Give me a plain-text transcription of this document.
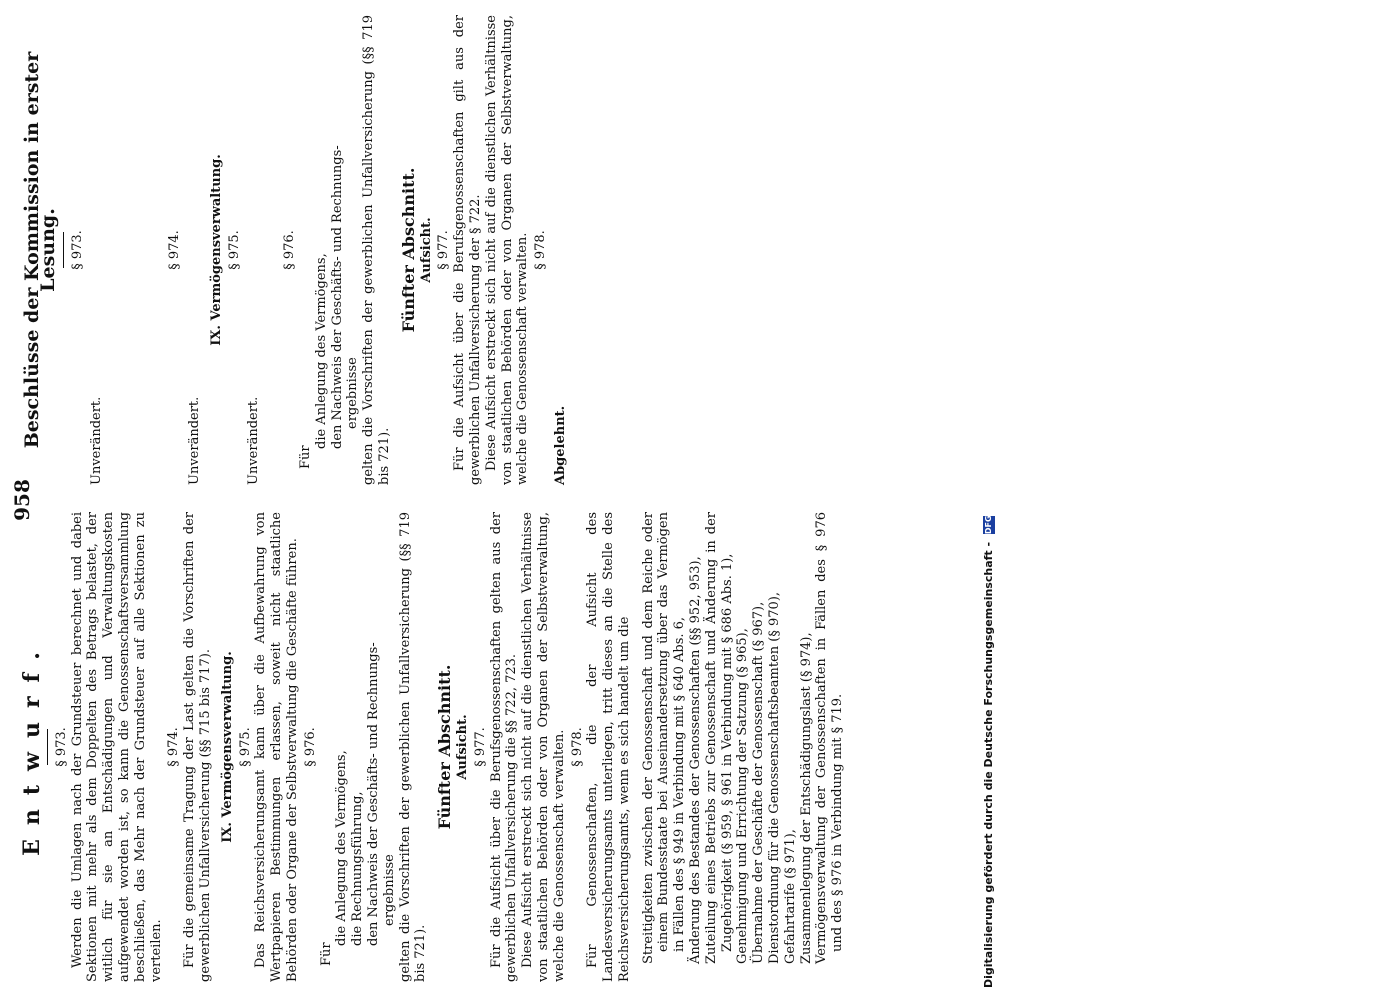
958
Entwurf. § 973. Werden die Umlagen nach der Grundsteuer berechnet und dabei Sektionen mit mehr als dem Doppelten des Betrags belastet, der witlich für sie an Entschädigungen und Verwaltungskosten aufgewendet worden ist, so kann die Genossenschaftsversammlung beschließen, das Mehr nach der Grundsteuer auf alle Sektionen zu verteilen.

§ 974. Für die gemeinsame Tragung der Last gelten die Vorschriften der gewerblichen Unfallversicherung (§§ 715 bis 717). IX. Vermögensverwaltung. § 975. Das Reichsversicherungsamt kann über die Aufbewahrung von Wertpapieren Bestimmungen erlassen, soweit nicht staatliche Behörden oder Organe der Selbstverwaltung die Geschäfte führen. § 976.
Für
die Anlegung des Vermögens, die Rechnungsführung, den Nachweis der Geschäfts- und Rechnungs- ergebnisse gelten die Vorschriften der gewerblichen Unfallversicherung (§§ 719 bis 721).

Fünfter Abschnitt. Aufsicht. § 977. Für die Aufsicht über die Berufsgenossenschaften gelten aus der gewerblichen Unfallversicherung die §§ 722, 723. Diese Aufsicht erstreckt sich nicht auf die dienstlichen Verhältnisse von staatlichen Behörden oder von Organen der Selbstverwaltung, welche die Genossenschaft verwalten. § 978. Für Genossenschaften, die der Aufsicht des Landesversicherungsamts unterliegen, tritt dieses an die Stelle des Reichsversicherungsamts, wenn es sich handelt um die Streitigkeiten zwischen der Genossenschaft und dem Reiche oder einem Bundesstaate bei Auseinandersetzung über das Vermögen in Fällen des § 949 in Verbindung mit § 640 Abs. 6, Änderung des Bestandes der Genossenschaften (§§ 952, 953), Zuteilung eines Betriebs zur Genossenschaft und Änderung in der Zugehörigkeit (§ 959, § 961 in Verbindung mit § 686 Abs. 1), Genehmigung und Errichtung der Satzung (§ 965), Übernahme der Geschäfte der Genossenschaft (§ 967), Dienstordnung für die Genossenschaftsbeamten (§ 970), Gefahrtarife (§ 971), Zusammenlegung der Entschädigungslast (§ 974), Vermögensverwaltung der Genossenschaften in Fällen des § 976 und des § 976 in Verbindung mit § 719.

Beschlüsse der Kommission in erster Lesung. § 973.

Unverändert.

§ 974.

Unverändert.

IX. Vermögensverwaltung. § 975.

Unverändert.

§ 976.
Für
die Anlegung des Vermögens, den Nachweis der Geschäfts- und Rechnungs- ergebnisse gelten die Vorschriften der gewerblichen Unfallversicherung (§§ 719 bis 721).

Fünfter Abschnitt. Aufsicht. § 977. Für die Aufsicht über die Berufsgenossenschaften gilt aus der gewerblichen Unfallversicherung der § 722. Diese Aufsicht erstreckt sich nicht auf die dienstlichen Verhältnisse von staatlichen Behörden oder von Organen der Selbstverwaltung, welche die Genossenschaft verwalten. § 978.

Abgelehnt.

Digitalisierung gefördert durch die Deutsche Forschungsgemeinschaft - DFG
